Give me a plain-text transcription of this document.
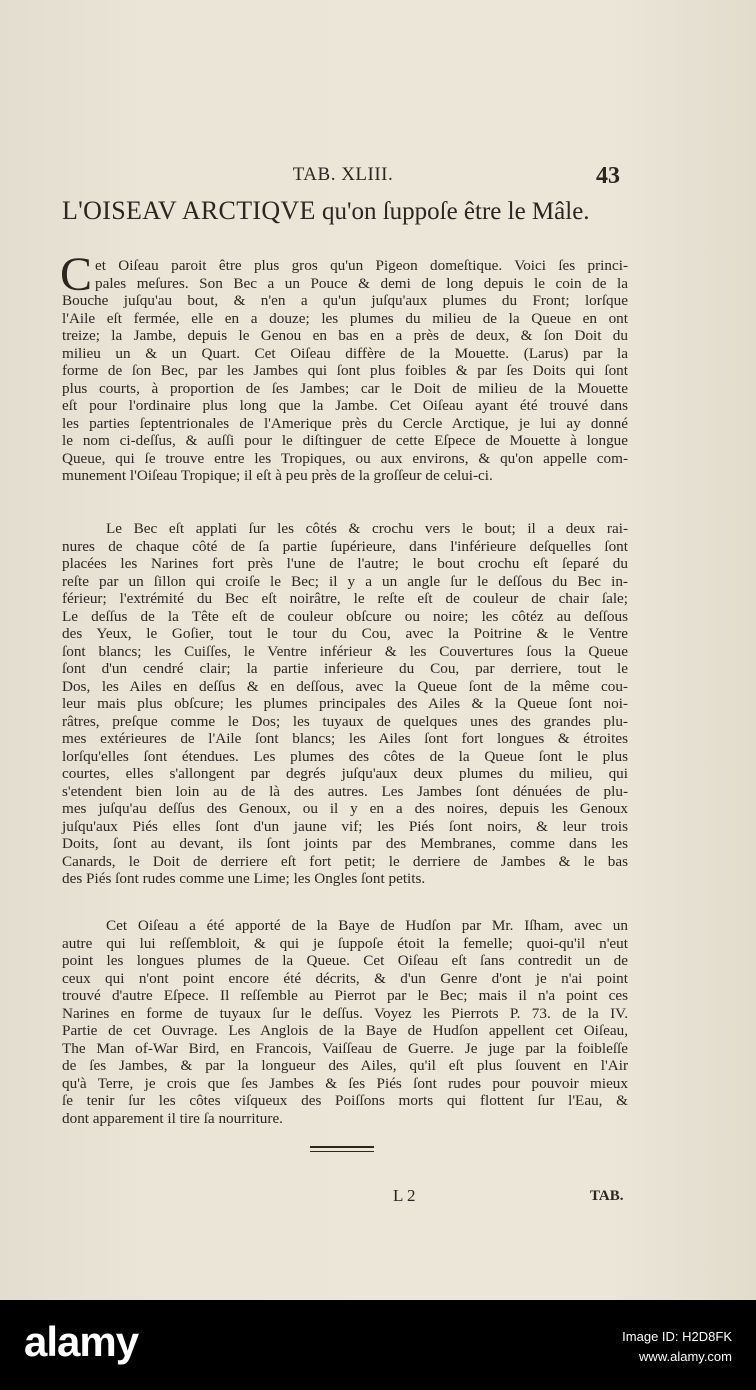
TAB. XLIII.	43
L'OISEAV ARCTIQVE qu'on ſuppoſe être le Mâle.
C et Oiſeau paroit être plus gros qu'un Pigeon domeſtique. Voici ſes princi-
pales meſures. Son Bec a un Pouce & demi de long depuis le coin de la
Bouche juſqu'au bout, & n'en a qu'un juſqu'aux plumes du Front; lorſque
l'Aile eſt fermée, elle en a douze; les plumes du milieu de la Queue en ont
treize; la Jambe, depuis le Genou en bas en a près de deux, & ſon Doit du
milieu un & un Quart. Cet Oiſeau diffère de la Mouette. (Larus) par la
forme de ſon Bec, par les Jambes qui ſont plus foibles & par ſes Doits qui ſont
plus courts, à proportion de ſes Jambes; car le Doit de milieu de la Mouette
eſt pour l'ordinaire plus long que la Jambe. Cet Oiſeau ayant été trouvé dans
les parties ſeptentrionales de l'Amerique près du Cercle Arctique, je lui ay donné
le nom ci-deſſus, & auſſi pour le diſtinguer de cette Eſpece de Mouette à longue
Queue, qui ſe trouve entre les Tropiques, ou aux environs, & qu'on appelle com-
munement l'Oiſeau Tropique; il eſt à peu près de la groſſeur de celui-ci.
Le Bec eſt applati ſur les côtés & crochu vers le bout; il a deux rai-
nures de chaque côté de ſa partie ſupérieure, dans l'inférieure deſquelles ſont
placées les Narines fort près l'une de l'autre; le bout crochu eſt ſeparé du
reſte par un ſillon qui croiſe le Bec; il y a un angle ſur le deſſous du Bec in-
férieur; l'extrémité du Bec eſt noirâtre, le reſte eſt de couleur de chair ſale;
Le deſſus de la Tête eſt de couleur obſcure ou noire; les côtéz au deſſous
des Yeux, le Goſier, tout le tour du Cou, avec la Poitrine & le Ventre
ſont blancs; les Cuiſſes, le Ventre inférieur & les Couvertures ſous la Queue
ſont d'un cendré clair; la partie inferieure du Cou, par derriere, tout le
Dos, les Ailes en deſſus & en deſſous, avec la Queue ſont de la même cou-
leur mais plus obſcure; les plumes principales des Ailes & la Queue ſont noi-
râtres, preſque comme le Dos; les tuyaux de quelques unes des grandes plu-
mes extérieures de l'Aile ſont blancs; les Ailes ſont fort longues & étroites
lorſqu'elles ſont étendues. Les plumes des côtes de la Queue ſont le plus
courtes, elles s'allongent par degrés juſqu'aux deux plumes du milieu, qui
s'etendent bien loin au de là des autres. Les Jambes ſont dénuées de plu-
mes juſqu'au deſſus des Genoux, ou il y en a des noires, depuis les Genoux
juſqu'aux Piés elles ſont d'un jaune vif; les Piés ſont noirs, & leur trois
Doits, ſont au devant, ils ſont joints par des Membranes, comme dans les
Canards, le Doit de derriere eſt fort petit; le derriere de Jambes & le bas
des Piés ſont rudes comme une Lime; les Ongles ſont petits.
Cet Oiſeau a été apporté de la Baye de Hudſon par Mr. Iſham, avec un
autre qui lui reſſembloit, & qui je ſuppoſe étoit la femelle; quoi-qu'il n'eut
point les longues plumes de la Queue. Cet Oiſeau eſt ſans contredit un de
ceux qui n'ont point encore été décrits, & d'un Genre d'ont je n'ai point
trouvé d'autre Eſpece. Il reſſemble au Pierrot par le Bec; mais il n'a point ces
Narines en forme de tuyaux ſur le deſſus. Voyez les Pierrots P. 73. de la IV.
Partie de cet Ouvrage. Les Anglois de la Baye de Hudſon appellent cet Oiſeau,
The Man of-War Bird, en Francois, Vaiſſeau de Guerre. Je juge par la foibleſſe
de ſes Jambes, & par la longueur des Ailes, qu'il eſt plus ſouvent en l'Air
qu'à Terre, je crois que ſes Jambes & ſes Piés ſont rudes pour pouvoir mieux
ſe tenir ſur les côtes viſqueux des Poiſſons morts qui flottent ſur l'Eau, &
dont apparement il tire ſa nourriture.
L 2	TAB.
alamy	Image ID: H2D8FK
www.alamy.com
